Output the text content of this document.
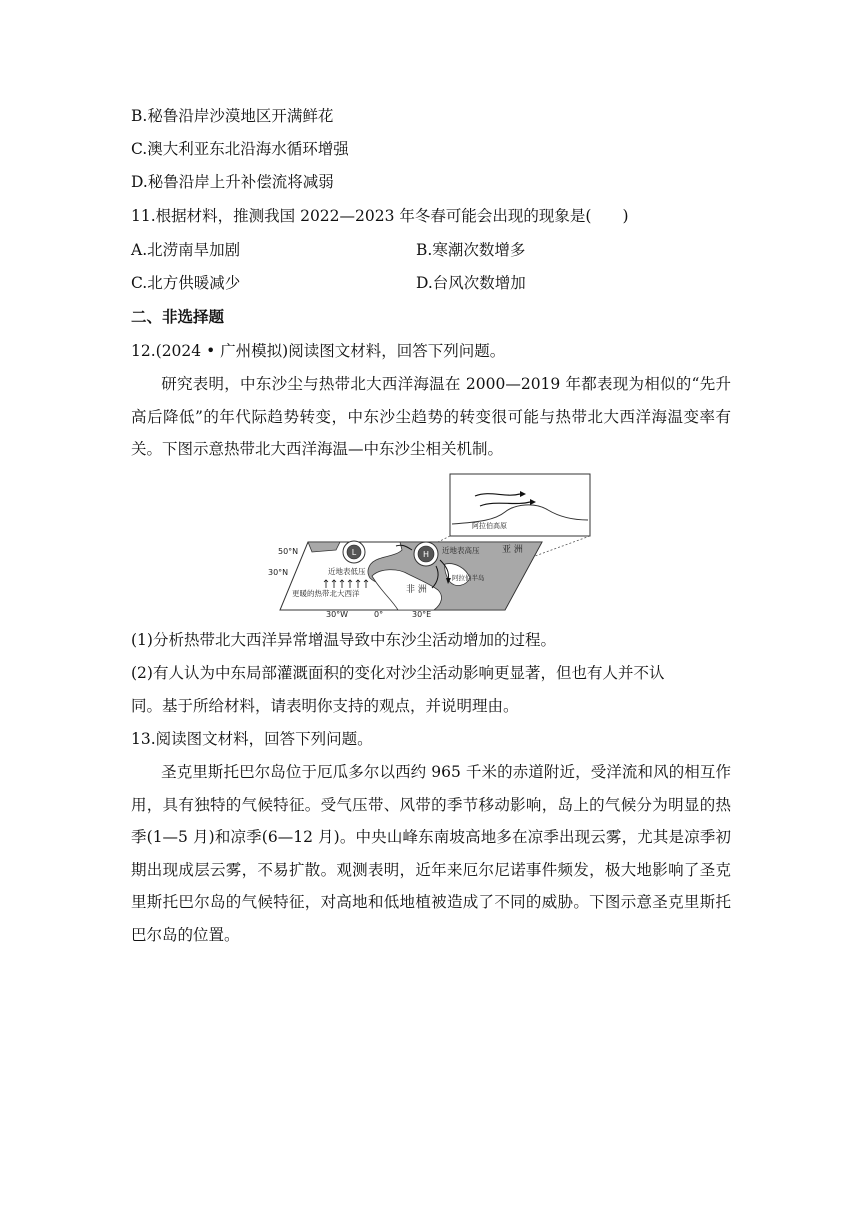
B.秘鲁沿岸沙漠地区开满鲜花
C.澳大利亚东北沿海水循环增强
D.秘鲁沿岸上升补偿流将减弱
11.根据材料，推测我国 2022—2023 年冬春可能会出现的现象是(　　)
A.北涝南旱加剧	B.寒潮次数增多
C.北方供暖减少	D.台风次数增加
二、非选择题
12.(2024 • 广州模拟)阅读图文材料，回答下列问题。
研究表明，中东沙尘与热带北大西洋海温在 2000—2019 年都表现为相似的“先升高后降低”的年代际趋势转变，中东沙尘趋势的转变很可能与热带北大西洋海温变率有关。下图示意热带北大西洋海温—中东沙尘相关机制。
阿拉伯高原
L	H
近地表低压
近地表高压	亚 洲
非 洲
阿拉伯半岛
更暖的热带北大西洋
50°N
30°N
30°W	0°	30°E
(1)分析热带北大西洋异常增温导致中东沙尘活动增加的过程。
(2)有人认为中东局部灌溉面积的变化对沙尘活动影响更显著，但也有人并不认
同。基于所给材料，请表明你支持的观点，并说明理由。
13.阅读图文材料，回答下列问题。
圣克里斯托巴尔岛位于厄瓜多尔以西约 965 千米的赤道附近，受洋流和风的相互作用，具有独特的气候特征。受气压带、风带的季节移动影响，岛上的气候分为明显的热季(1—5 月)和凉季(6—12 月)。中央山峰东南坡高地多在凉季出现云雾，尤其是凉季初期出现成层云雾，不易扩散。观测表明，近年来厄尔尼诺事件频发，极大地影响了圣克里斯托巴尔岛的气候特征，对高地和低地植被造成了不同的威胁。下图示意圣克里斯托巴尔岛的位置。
